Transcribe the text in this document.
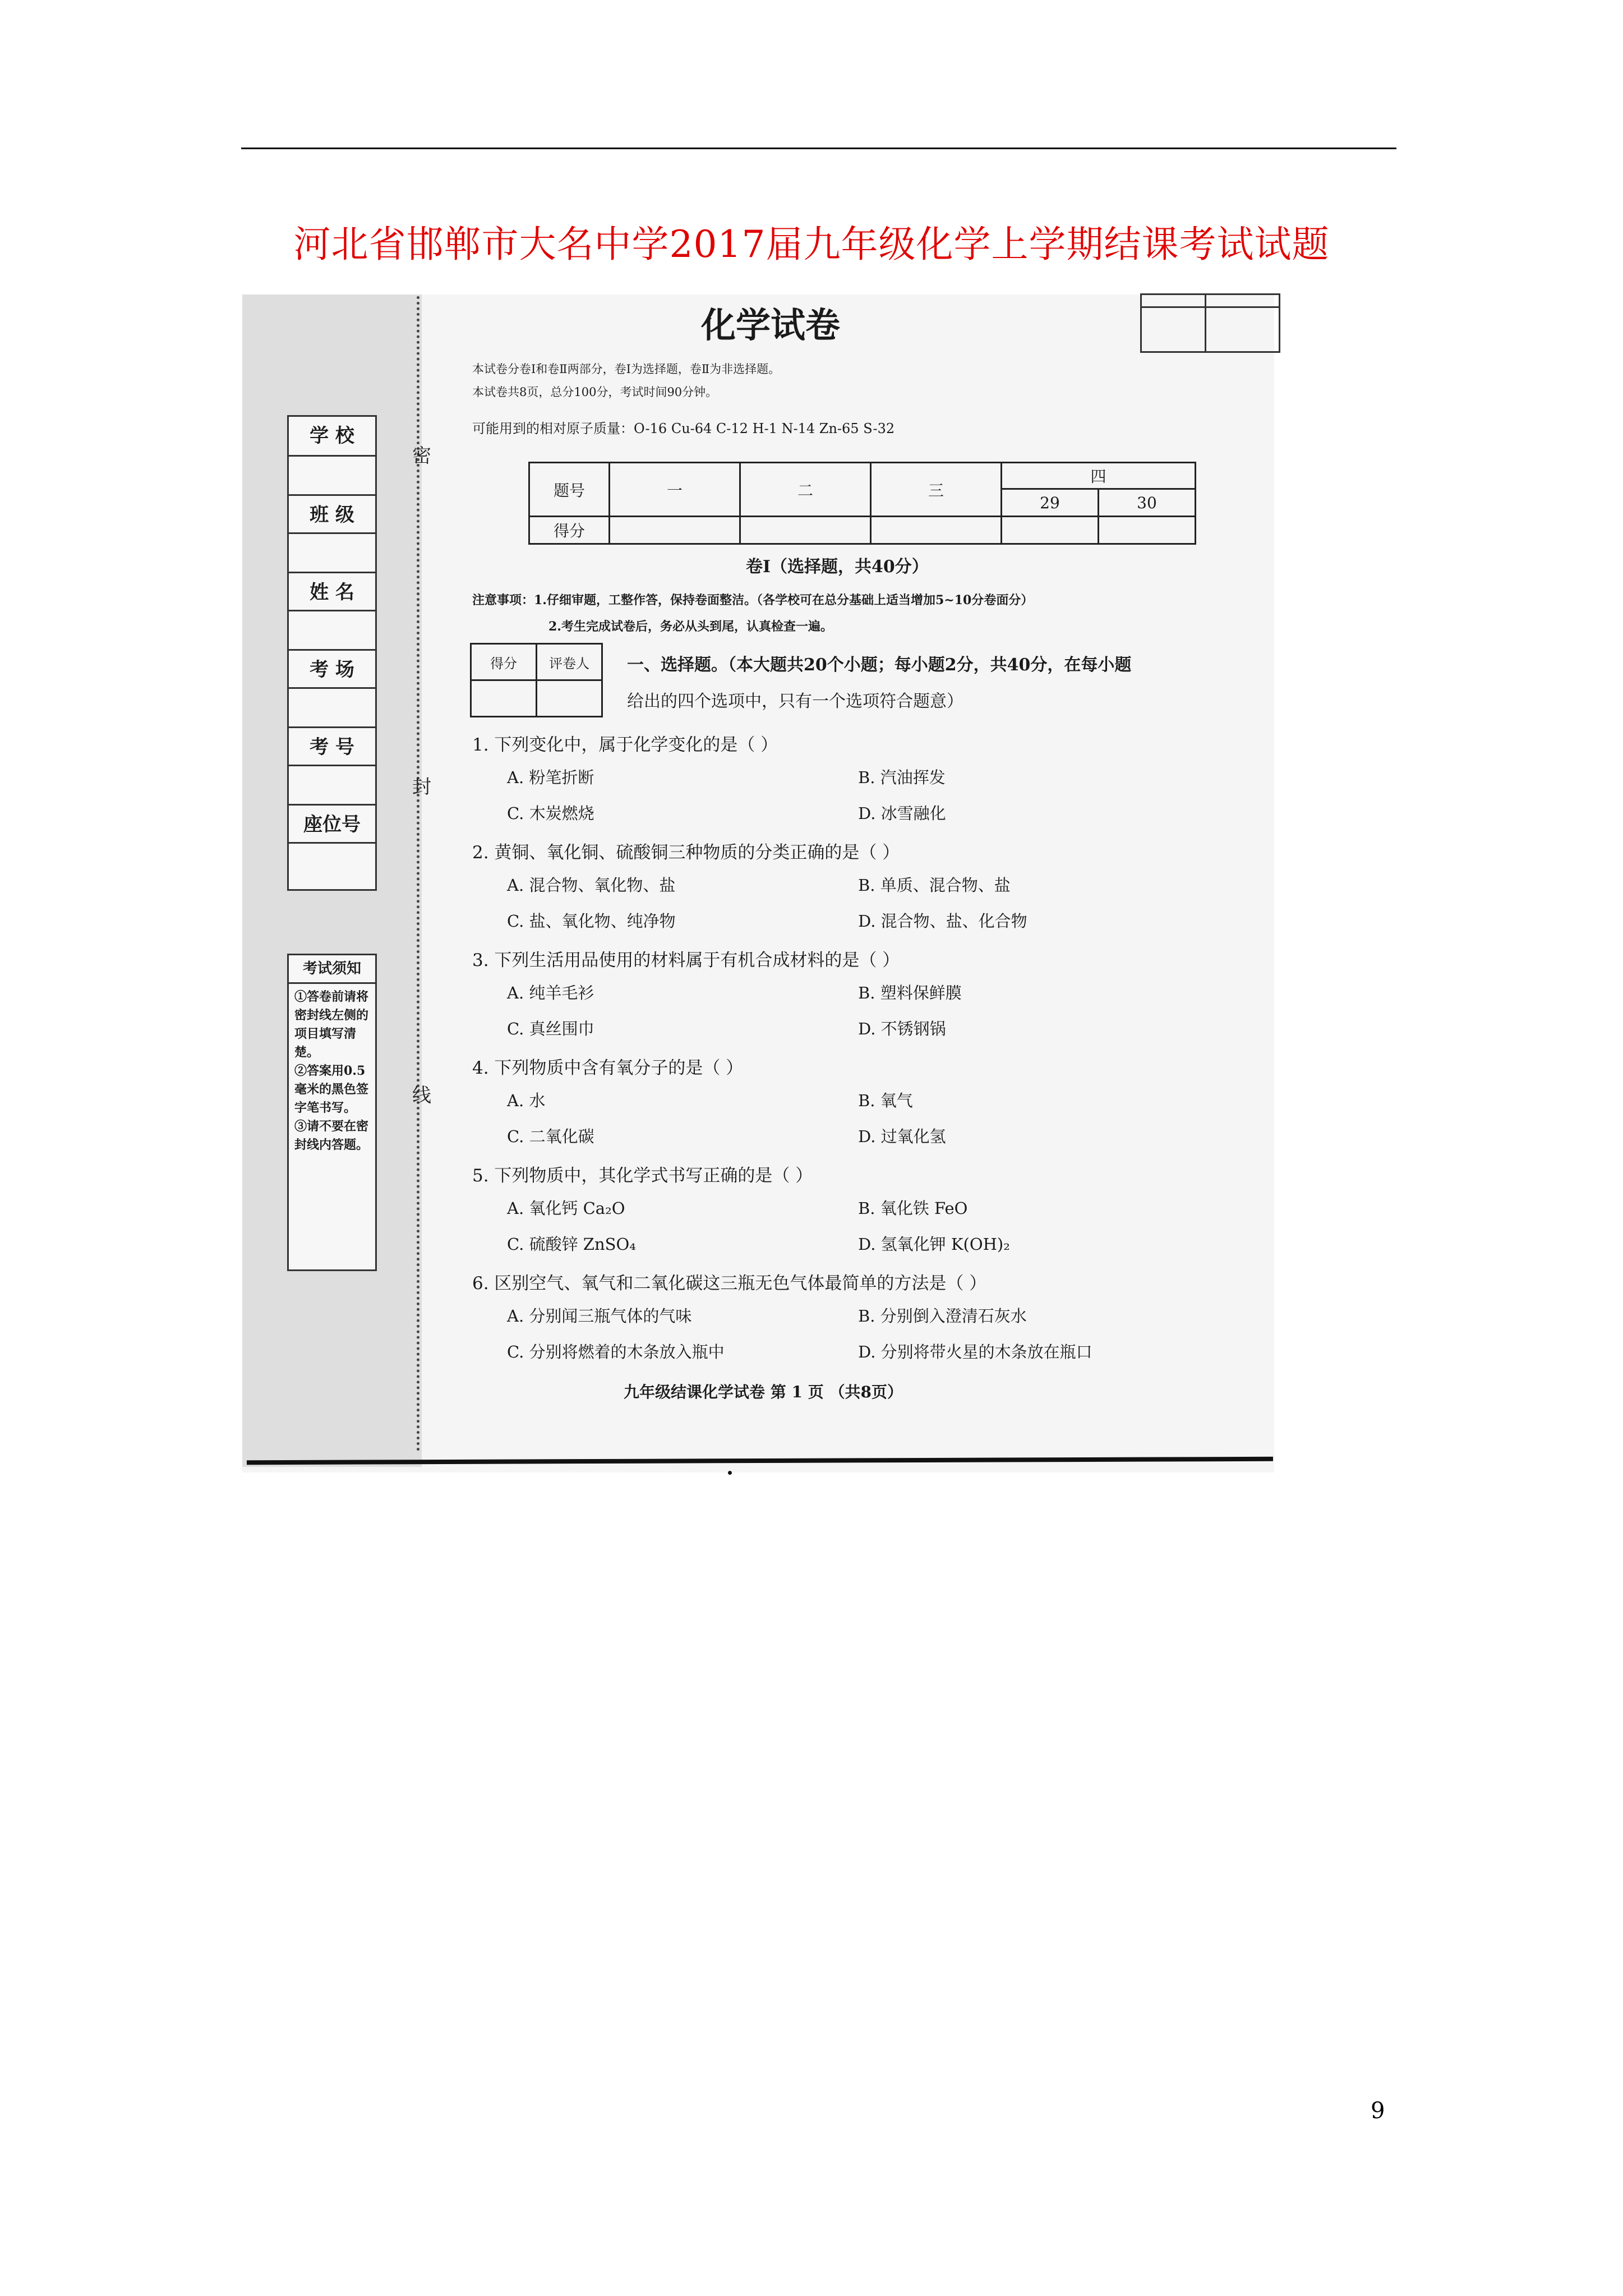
河北省邯郸市大名中学2017届九年级化学上学期结课考试试题
密
封
线
学 校
班 级
姓 名
考 场
考 号
座位号
考试须知
①答卷前请将密封线左侧的项目填写清楚。
②答案用0.5毫米的黑色签字笔书写。
③请不要在密封线内答题。
化学试卷
本试卷分卷Ⅰ和卷Ⅱ两部分，卷Ⅰ为选择题，卷Ⅱ为非选择题。
本试卷共8页，总分100分，考试时间90分钟。
可能用到的相对原子质量：O-16 Cu-64 C-12 H-1 N-14 Zn-65 S-32
题号	一	二	三	四	
				29	30
得分					
卷Ⅰ（选择题，共40分）
注意事项：1.仔细审题，工整作答，保持卷面整洁。（各学校可在总分基础上适当增加5~10分卷面分）
2.考生完成试卷后，务必从头到尾，认真检查一遍。
得分	评卷人
	一、选择题。（本大题共20个小题；每小题2分，共40分，在每小题
给出的四个选项中，只有一个选项符合题意）
1. 下列变化中，属于化学变化的是（ ）
A. 粉笔折断	B. 汽油挥发
C. 木炭燃烧	D. 冰雪融化
2. 黄铜、氧化铜、硫酸铜三种物质的分类正确的是（ ）
A. 混合物、氧化物、盐	B. 单质、混合物、盐
C. 盐、氧化物、纯净物	D. 混合物、盐、化合物
3. 下列生活用品使用的材料属于有机合成材料的是（ ）
A. 纯羊毛衫	B. 塑料保鲜膜
C. 真丝围巾	D. 不锈钢锅
4. 下列物质中含有氧分子的是（ ）
A. 水	B. 氧气
C. 二氧化碳	D. 过氧化氢
5. 下列物质中，其化学式书写正确的是（ ）
A. 氧化钙 Ca₂O	B. 氧化铁 FeO
C. 硫酸锌 ZnSO₄	D. 氢氧化钾 K(OH)₂
6. 区别空气、氧气和二氧化碳这三瓶无色气体最简单的方法是（ ）
A. 分别闻三瓶气体的气味	B. 分别倒入澄清石灰水
C. 分别将燃着的木条放入瓶中	D. 分别将带火星的木条放在瓶口
九年级结课化学试卷 第 1 页 （共8页）
9
